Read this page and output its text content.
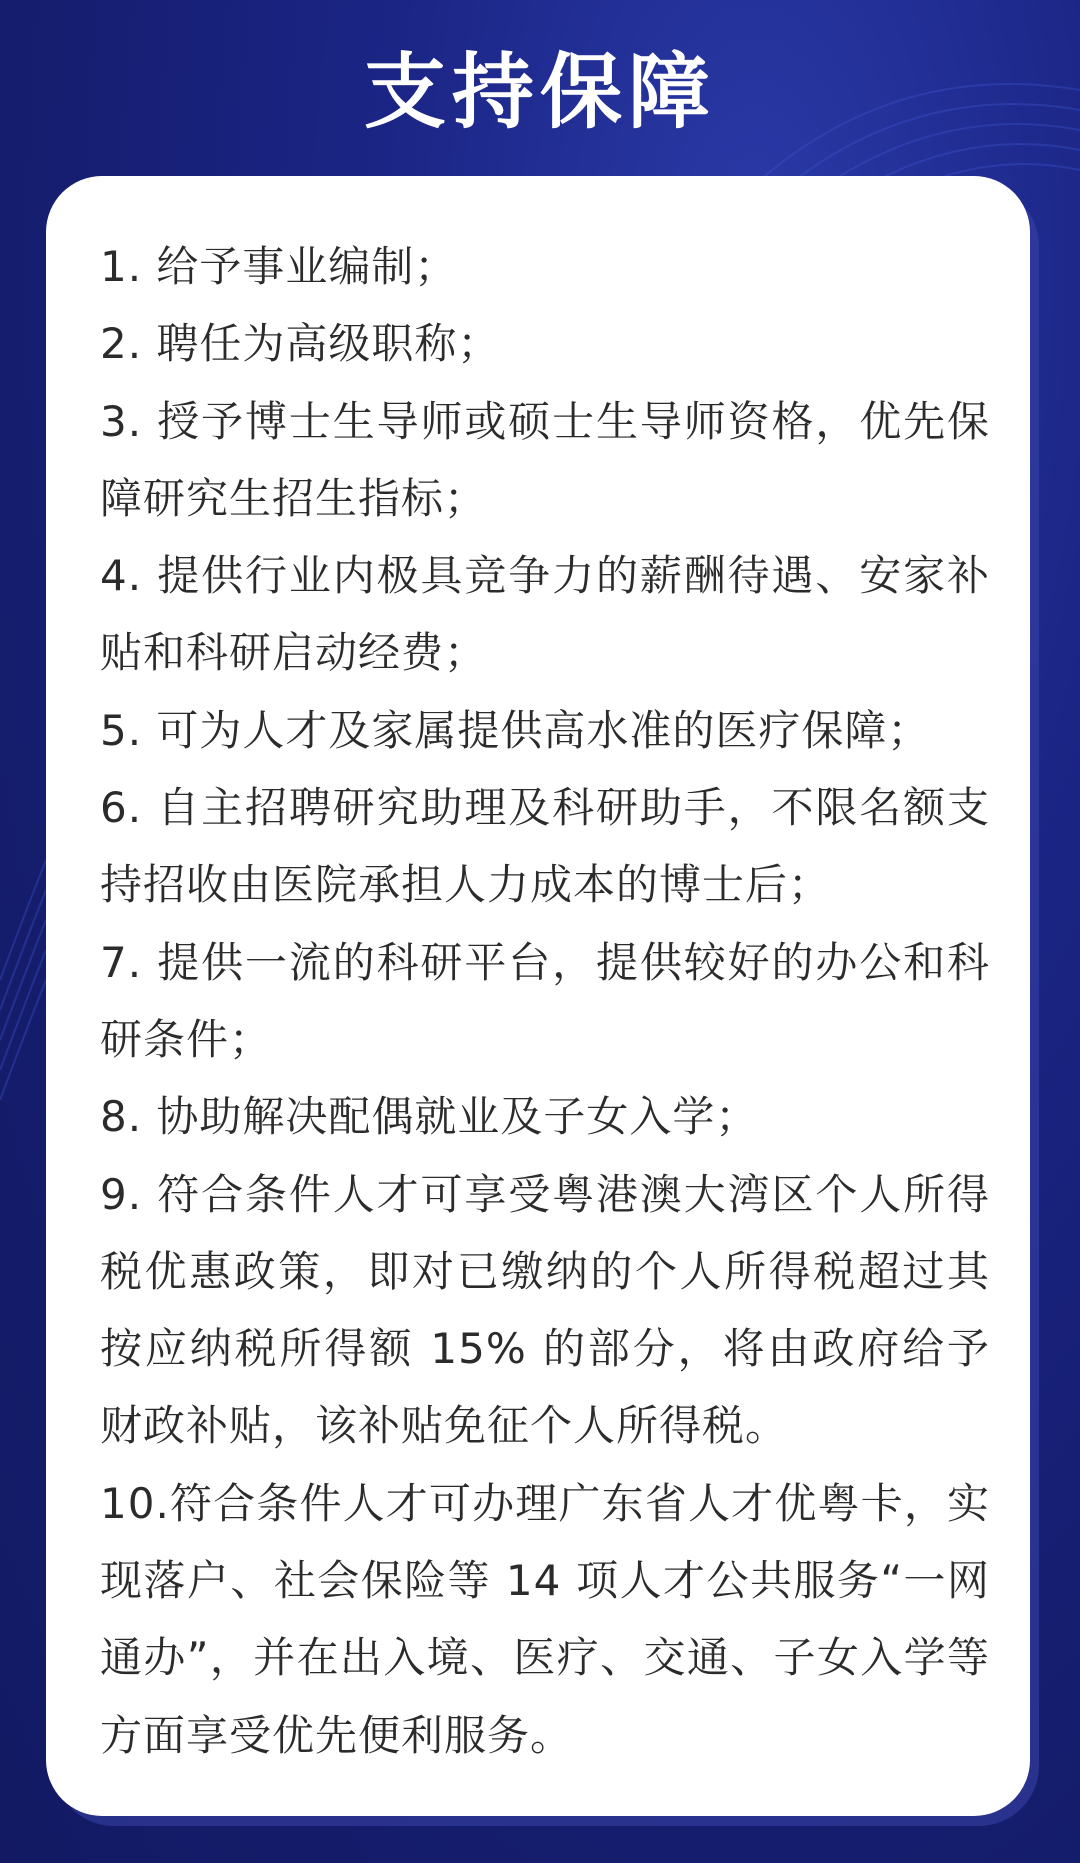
支持保障
1. 给予事业编制；
2. 聘任为高级职称；
3. 授予博士生导师或硕士生导师资格，优先保障研究生招生指标；
4. 提供行业内极具竞争力的薪酬待遇、安家补贴和科研启动经费；
5. 可为人才及家属提供高水准的医疗保障；
6. 自主招聘研究助理及科研助手，不限名额支持招收由医院承担人力成本的博士后；
7. 提供一流的科研平台，提供较好的办公和科研条件；
8. 协助解决配偶就业及子女入学；
9. 符合条件人才可享受粤港澳大湾区个人所得税优惠政策，即对已缴纳的个人所得税超过其按应纳税所得额 15% 的部分，将由政府给予财政补贴，该补贴免征个人所得税。
10.符合条件人才可办理广东省人才优粤卡，实现落户、社会保险等 14 项人才公共服务“一网通办”，并在出入境、医疗、交通、子女入学等方面享受优先便利服务。
